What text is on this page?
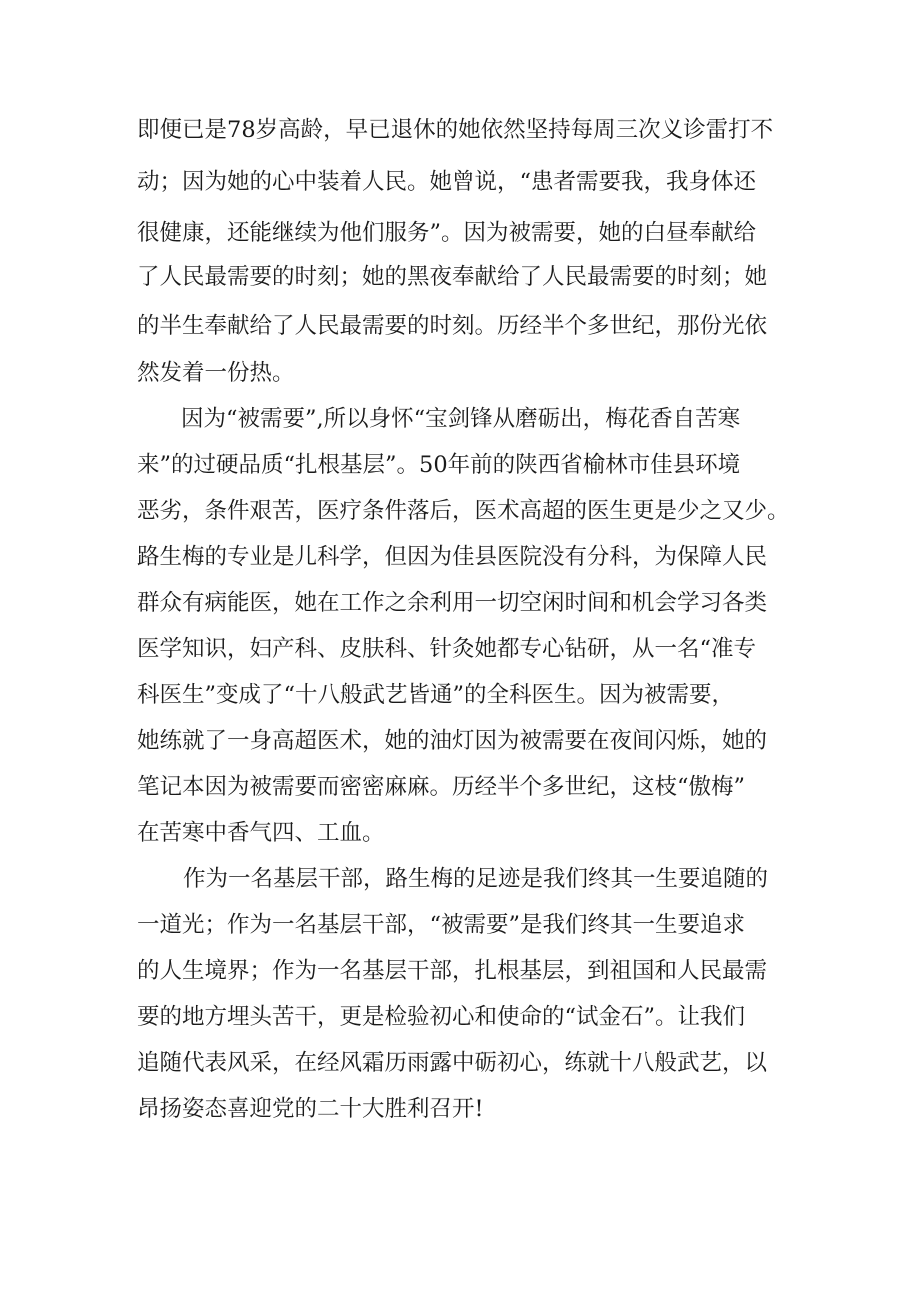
即便已是78岁高龄，早已退休的她依然坚持每周三次义诊雷打不
动；因为她的心中装着人民。她曾说，“患者需要我，我身体还
很健康，还能继续为他们服务”。因为被需要，她的白昼奉献给
了人民最需要的时刻；她的黑夜奉献给了人民最需要的时刻；她
的半生奉献给了人民最需要的时刻。历经半个多世纪，那份光依
然发着一份热。
因为“被需要”,所以身怀“宝剑锋从磨砺出，梅花香自苦寒
来”的过硬品质“扎根基层”。50年前的陕西省榆林市佳县环境
恶劣，条件艰苦，医疗条件落后，医术高超的医生更是少之又少。
路生梅的专业是儿科学，但因为佳县医院没有分科，为保障人民
群众有病能医，她在工作之余利用一切空闲时间和机会学习各类
医学知识，妇产科、皮肤科、针灸她都专心钻研，从一名“准专
科医生”变成了“十八般武艺皆通”的全科医生。因为被需要，
她练就了一身高超医术，她的油灯因为被需要在夜间闪烁，她的
笔记本因为被需要而密密麻麻。历经半个多世纪，这枝“傲梅”
在苦寒中香气四、工血。
作为一名基层干部，路生梅的足迹是我们终其一生要追随的
一道光；作为一名基层干部，“被需要”是我们终其一生要追求
的人生境界；作为一名基层干部，扎根基层，到祖国和人民最需
要的地方埋头苦干，更是检验初心和使命的“试金石”。让我们
追随代表风采，在经风霜历雨露中砺初心，练就十八般武艺，以
昂扬姿态喜迎党的二十大胜利召开!
